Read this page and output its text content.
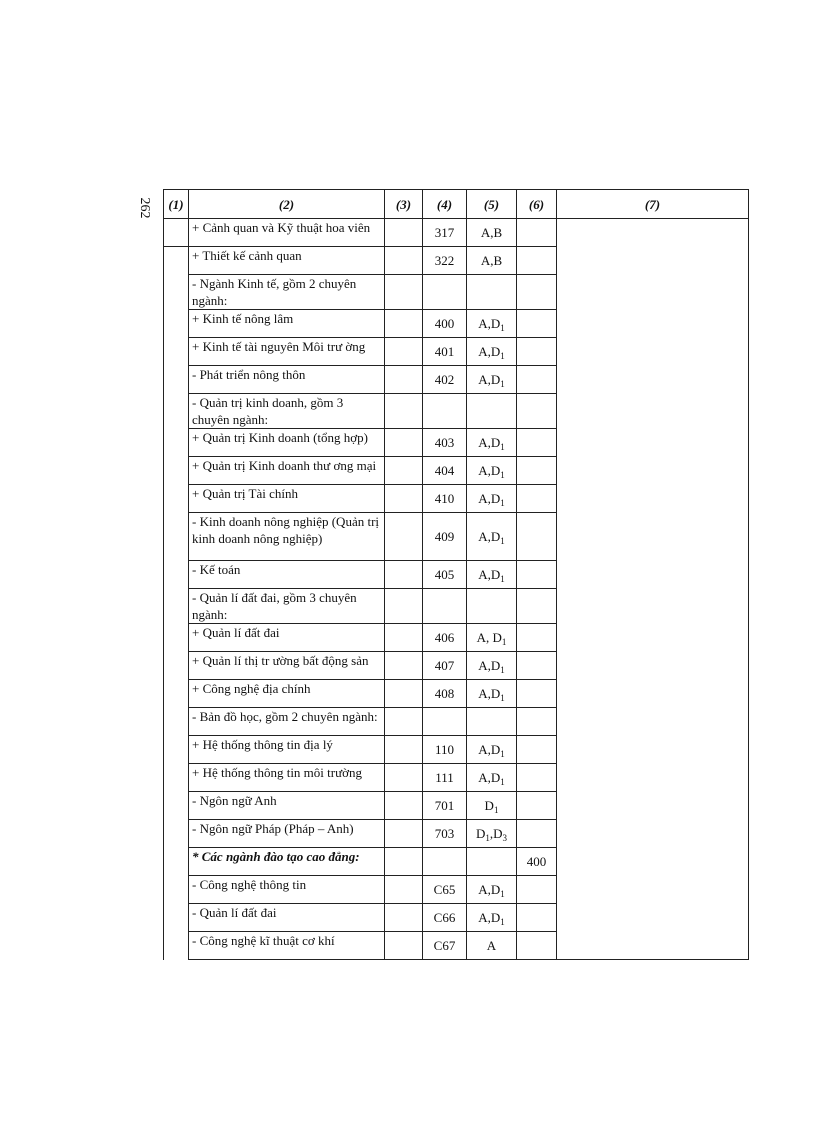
262 (1)	(2)	(3)	(4)	(5)	(6)	(7)
	+ Cảnh quan và Kỹ thuật hoa viên		317	A,B		
	+ Thiết kế cảnh quan		322	A,B		
	- Ngành Kinh tế, gồm 2 chuyên ngành:					
	+ Kinh tế nông lâm		400	$A,D_1$	
	+ Kinh tế tài nguyên Môi trư ờng		401	$A,D_1$	
	- Phát triển nông thôn		402	$A,D_1$	
	- Quản trị kinh doanh, gồm 3 chuyên ngành:					
	+ Quản trị Kinh doanh (tổng hợp)		403	$A,D_1$	
	+ Quản trị Kinh doanh thư ơng mại		404	$A,D_1$	
	+ Quản trị Tài chính		410	$A,D_1$	
	- Kinh doanh nông nghiệp (Quản trị kinh doanh nông nghiệp)		409	$A,D_1$	
	- Kế toán		405	$A,D_1$	
	- Quản lí đất đai, gồm 3 chuyên ngành:					
	+ Quản lí đất đai		406	A, $D_1$	
	+ Quản lí thị tr ường bất động sản		407	$A,D_1$	
	+ Công nghệ địa chính		408	$A,D_1$	
	- Bản đồ học, gồm 2 chuyên ngành:					
	+ Hệ thống thông tin địa lý		110	$A,D_1$	
	+ Hệ thống thông tin môi trường		111	$A,D_1$	
	- Ngôn ngữ Anh		701	$D_1$	
	- Ngôn ngữ Pháp (Pháp – Anh)		703	$D_1,D_3$	
	* Các ngành đào tạo cao đẳng:				400	
	- Công nghệ thông tin		C65	$A,D_1$	
	- Quản lí đất đai		C66	$A,D_1$	
	- Công nghệ kĩ thuật cơ khí		C67	A		
